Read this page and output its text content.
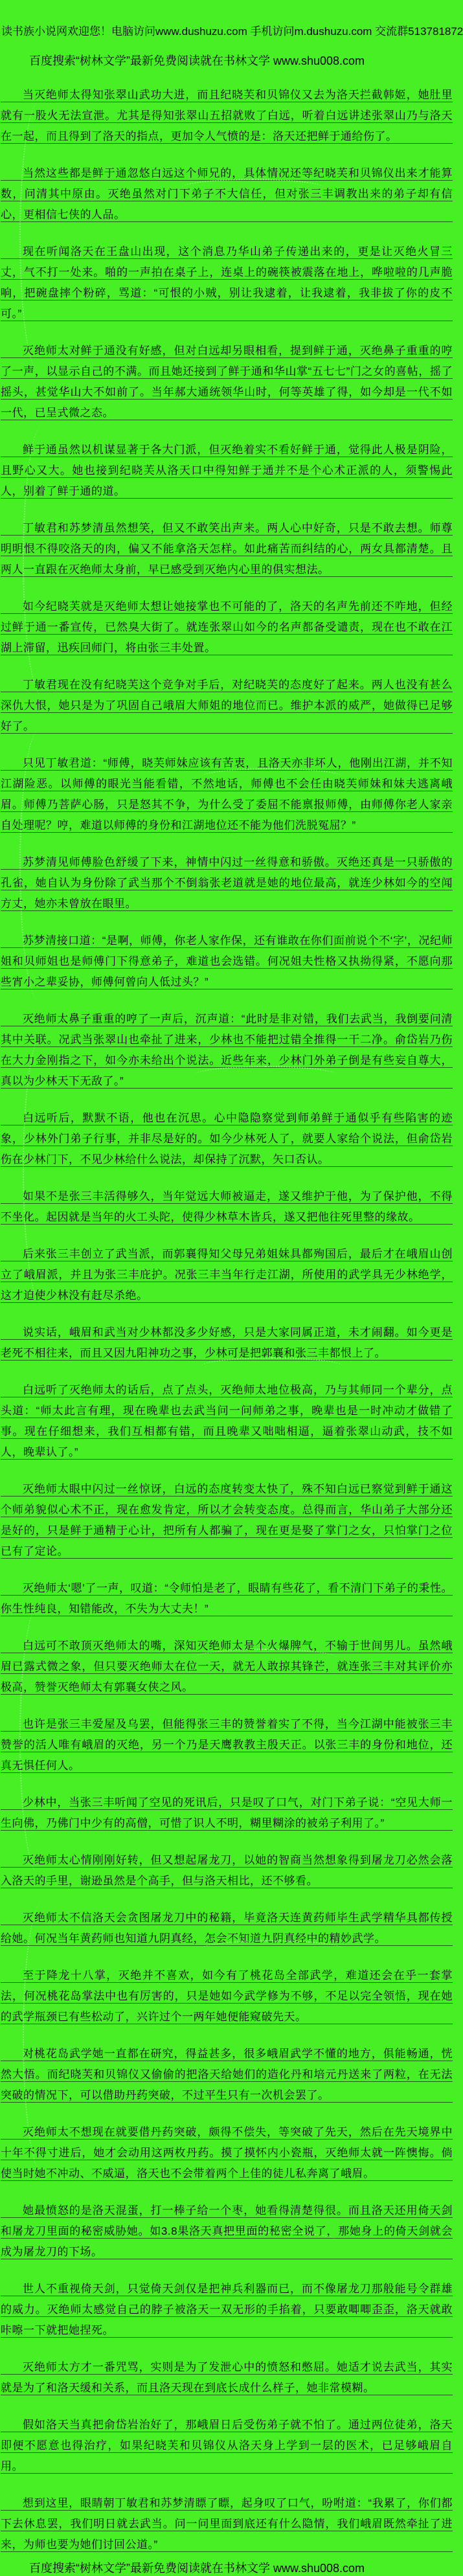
读书族小说网欢迎您！电脑访问www.dushuzu.com 手机访问m.dushuzu.com 交流群513781872
百度搜索“树林文学”最新免费阅读就在书林文学 www.shu008.com

当灭绝师太得知张翠山武功大进，而且纪晓芙和贝锦仪又去为洛天拦截韩姬，她肚里就有一股火无法宣泄。尤其是得知张翠山五招就败了白远，听着白远讲述张翠山乃与洛天在一起，而且得到了洛天的指点，更加令人气愤的是：洛天还把鲜于通给伤了。

当然这些都是鲜于通忽悠白远这个师兄的，具体情况还等纪晓芙和贝锦仪出来才能算数，问清其中原由。灭绝虽然对门下弟子不大信任，但对张三丰调教出来的弟子却有信心，更相信七侠的人品。

现在听闻洛天在王盘山出现，这个消息乃华山弟子传递出来的，更是让灭绝火冒三丈，气不打一处来。啪的一声拍在桌子上，连桌上的碗筷被震落在地上，哗啦啦的几声脆响，把碗盘摔个粉碎，骂道：“可恨的小贼，别让我逮着，让我逮着，我非拔了你的皮不可。”

灭绝师太对鲜于通没有好感，但对白远却另眼相看，提到鲜于通，灭绝鼻子重重的哼了一声，以显示自己的不满。而且她还接到了鲜于通和华山掌“五七七”门之女的喜帖，摇了摇头，甚觉华山大不如前了。当年郝大通统领华山时，何等英雄了得，如今却是一代不如一代，已呈式微之态。

鲜于通虽然以机谋显著于各大门派，但灭绝着实不看好鲜于通，觉得此人极是阴险，且野心又大。她也接到纪晓芙从洛天口中得知鲜于通并不是个心术正派的人，须警惕此人，别着了鲜于通的道。

丁敏君和苏梦清虽然想笑，但又不敢笑出声来。两人心中好奇，只是不敢去想。师尊明明恨不得咬洛天的肉，偏又不能拿洛天怎样。如此痛苦而纠结的心，两女具都清楚。且两人一直跟在灭绝师太身前，早已感受到灭绝内心里的俱实想法。

如今纪晓芙就是灭绝师太想让她接掌也不可能的了，洛天的名声先前还不咋地，但经过鲜于通一番宣传，已然臭大街了。就连张翠山如今的名声都备受谴责，现在也不敢在江湖上滞留，迅疾回师门，将由张三丰处置。

丁敏君现在没有纪晓芙这个竞争对手后，对纪晓芙的态度好了起来。两人也没有甚么深仇大恨，她只是为了巩固自己峨眉大师姐的地位而已。维护本派的威严，她做得已足够好了。

只见丁敏君道：“师傅，晓芙师妹应该有苦衷，且洛天亦非坏人，他刚出江湖，并不知江湖险恶。以师傅的眼光当能看错，不然地话，师傅也不会任由晓芙师妹和妹夫逃离峨眉。师傅乃菩萨心肠，只是怒其不争，为什么受了委屈不能禀报师傅，由师傅你老人家亲自处理呢？哼，难道以师傅的身份和江湖地位还不能为他们洗脱冤屈？”

苏梦清见师傅脸色舒缓了下来，神情中闪过一丝得意和骄傲。灭绝还真是一只骄傲的孔雀，她自认为身份除了武当那个不倒翁张老道就是她的地位最高，就连少林如今的空闻方丈，她亦未曾放在眼里。

苏梦清接口道：“是啊，师傅，你老人家作保，还有谁敢在你们面前说个不‘字’，况纪师姐和贝师姐也是师傅门下得意弟子，难道也会选错。何况姐夫性格又执拗得紧，不愿向那些宵小之辈妥协，师傅何曾向人低过头？”

灭绝师太鼻子重重的哼了一声后，沉声道：“此时是非对错，我们去武当，我倒要问清其中关联。况武当张翠山也牵扯了进来，少林也不能把过错全推得一干二净。俞岱岩乃伤在大力金刚指之下，如今亦未给出个说法。近些年来，少林门外弟子倒是有些妄自尊大，真以为少林天下无敌了。”

白远听后，默默不语，他也在沉思。心中隐隐察觉到师弟鲜于通似乎有些陷害的迹象，少林外门弟子行事，并非尽是好的。如今少林死人了，就要人家给个说法，但俞岱岩伤在少林门下，不见少林给什么说法，却保持了沉默，矢口否认。

如果不是张三丰活得够久，当年觉远大师被逼走，遂又维护于他，为了保护他，不得不坐化。起因就是当年的火工头陀，使得少林草木皆兵，遂又把他往死里整的缘故。

后来张三丰创立了武当派，而郭襄得知父母兄弟姐妹具都殉国后，最后才在峨眉山创立了峨眉派，并且为张三丰庇护。况张三丰当年行走江湖，所使用的武学具无少林绝学，这才迫使少林没有赶尽杀绝。

说实话，峨眉和武当对少林都没多少好感，只是大家同属正道，未才闹翻。如今更是老死不相往来，而且又因九阳神功之事，少林可是把郭襄和张三丰都恨上了。

白远听了灭绝师太的话后，点了点头，灭绝师太地位极高，乃与其师同一个辈分，点头道：“师太此言有理，现在晚辈也去武当问一问师弟之事，晚辈也是一时冲动才做错了事。现在仔细想来，我们互相都有错，而且晚辈又咄咄相逼，逼着张翠山动武，技不如人，晚辈认了。”

灭绝师太眼中闪过一丝惊讶，白远的态度转变太快了，殊不知白远已察觉到鲜于通这个师弟貌似心术不正，现在愈发肯定，所以才会转变态度。总得而言，华山弟子大部分还是好的，只是鲜于通精于心计，把所有人都骗了，现在更是娶了掌门之女，只怕掌门之位已有了定论。

灭绝师太‘嗯’了一声，叹道：“令师怕是老了，眼睛有些花了，看不清门下弟子的秉性。你生性纯良，知错能改，不失为大丈夫！”

白远可不敢顶灭绝师太的嘴，深知灭绝师太是个火爆脾气，不输于世间男儿。虽然峨眉已露式微之象，但只要灭绝师太在位一天，就无人敢掠其锋芒，就连张三丰对其评价亦极高，赞誉灭绝师太有郭襄女侠之风。

也许是张三丰爱屋及乌罢，但能得张三丰的赞誉着实了不得，当今江湖中能被张三丰赞誉的活人唯有峨眉的灭绝，另一个乃是天鹰教教主殷天正。以张三丰的身份和地位，还真无惧任何人。

少林中，当张三丰听闻了空见的死讯后，只是叹了口气，对门下弟子说：“空见大师一生向佛，乃佛门中少有的高僧，可惜了识人不明，糊里糊涂的被弟子利用了。”

灭绝师太心情刚刚好转，但又想起屠龙刀，以她的智商当然想象得到屠龙刀必然会落入洛天的手里，谢逊虽然是个高手，但与洛天相比，还不够看。

灭绝师太不信洛天会贪图屠龙刀中的秘籍，毕竟洛天连黄药师毕生武学精华具都传授给她。何况当年黄药师也知道九阴真经，怎会不知道九阴真经中的精妙武学。

至于降龙十八掌，灭绝并不喜欢，如今有了桃花岛全部武学，难道还会在乎一套掌法，何况桃花岛掌法中也有厉害的，只是她如今武学修为不够，不足以完全领悟，现在她的武学瓶颈已有些松动了，兴许过个一两年她便能窥破先天。

对桃花岛武学她一直都在研究，得益甚多，很多峨眉武学不懂的地方，俱能畅通，恍然大悟。而纪晓芙和贝锦仪又偷偷的把洛天给她们的造化丹和培元丹送来了两粒，在无法突破的情况下，可以借助丹药突破，不过平生只有一次机会罢了。

灭绝师太不想现在就要借丹药突破，颇得不偿失，等突破了先天，然后在先天境界中十年不得寸进后，她才会动用这两枚丹药。摸了摸怀内小瓷瓶，灭绝师太就一阵懊悔。倘使当时她不冲动、不威逼，洛天也不会带着两个上佳的徒儿私奔离了峨眉。

她最愤怒的是洛天混蛋，打一棒子给一个枣，她看得清楚得很。而且洛天还用倚天剑和屠龙刀里面的秘密威胁她。如3.8果洛天真把里面的秘密全说了，那她身上的倚天剑就会成为屠龙刀的下场。

世人不重视倚天剑，只觉倚天剑仅是把神兵利器而已，而不像屠龙刀那般能号令群雄的威力。灭绝师太感觉自己的脖子被洛天一双无形的手掐着，只要敢唧唧歪歪，洛天就敢咔嚓一下就把她捏死。

灭绝师太方才一番咒骂，实则是为了发泄心中的愤怒和憋屈。她适才说去武当，其实就是为了和洛天缓和关系，而且洛天现在到底长成什么样子，她非常模糊。

假如洛天当真把俞岱岩治好了，那峨眉日后受伤弟子就不怕了。通过两位徒弟，洛天即便不愿意也得治疗，如果纪晓芙和贝锦仪从洛天身上学到一层的医术，已足够峨眉自用。

想到这里，眼睛朝丁敏君和苏梦清瞟了瞟，起身叹了口气，吩咐道：“我累了，你们都下去休息罢，我们明日就去武当。问一问里面到底还有什么隐情，我们峨眉既然牵扯了进来，为师也要为她们讨回公道。”

百度搜索“树林文学”最新免费阅读就在书林文学 www.shu008.com
